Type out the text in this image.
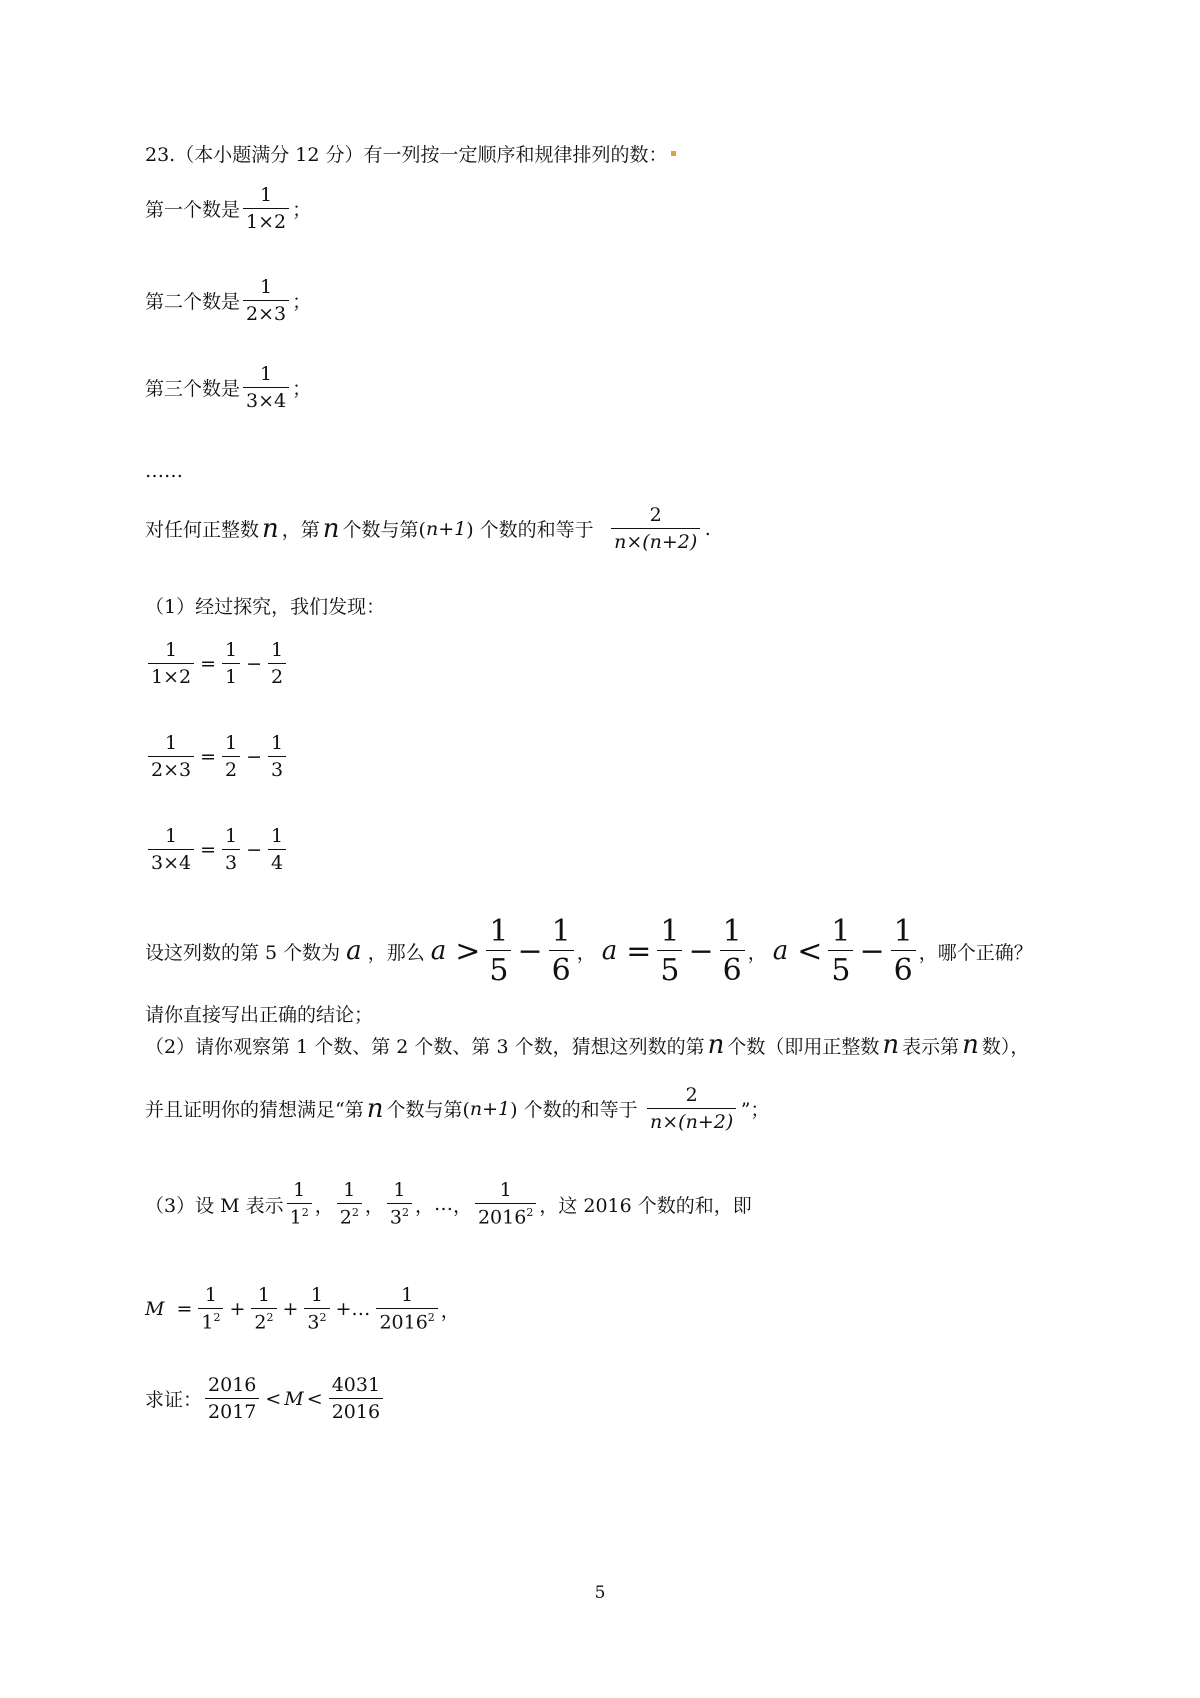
23.（本小题满分 12 分）有一列按一定顺序和规律排列的数：
第一个数是 $\frac{1}{1\times 2}$ ；
第二个数是 $\frac{1}{2\times 3}$ ；
第三个数是 $\frac{1}{3\times 4}$ ；
……
对任何正整数 n ，第 n 个数与第( n+1 ) 个数的和等于 $\frac{2}{n\times(n+2)}$ .
（1）经过探究，我们发现：
$\frac{1}{1\times 2} = \frac{1}{1} - \frac{1}{2}$
$\frac{1}{2\times 3} = \frac{1}{2} - \frac{1}{3}$
$\frac{1}{3\times 4} = \frac{1}{3} - \frac{1}{4}$
设这列数的第 5 个数为 a ，那么 $a > \frac{1}{5} - \frac{1}{6}$ ， $a = \frac{1}{5} - \frac{1}{6}$ ， $a < \frac{1}{5} - \frac{1}{6}$ ，哪个正确？
请你直接写出正确的结论；
（2）请你观察第 1 个数、第 2 个数、第 3 个数，猜想这列数的第 n 个数（即用正整数 n 表示第 n 数），
并且证明你的猜想满足“第 n 个数与第( n+1 ) 个数的和等于 $\frac{2}{n\times(n+2)}$ ”；
（3）设 M 表示 $\frac{1}{1^2}$ ， $\frac{1}{2^2}$ ， $\frac{1}{3^2}$ ， … ， $\frac{1}{2016^2}$ ，这 2016 个数的和，即
$M = \frac{1}{1^2} + \frac{1}{2^2} + \frac{1}{3^2}$ +… $\frac{1}{2016^2}$ ，
求证： $\frac{2016}{2017} < M < \frac{4031}{2016}$
5
